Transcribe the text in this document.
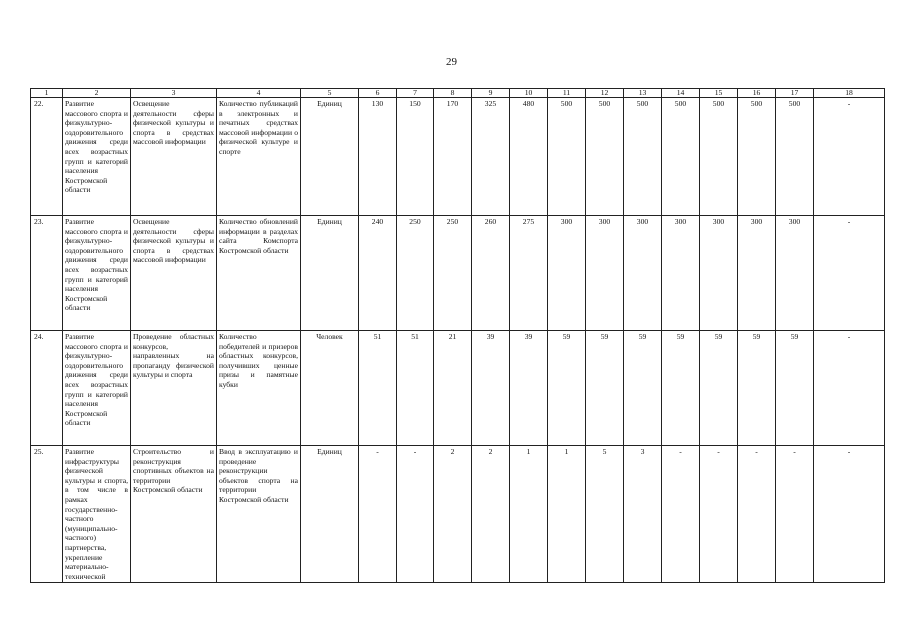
29
1	2	3	4	5	6	7	8	9	10	11	12	13	14	15	16	17	18
22.	Развитие массового спорта и физкультурно-оздоровительного движения среди всех возрастных групп и категорий населения Костромской области	Освещение деятельности сферы физической культуры и спорта в средствах массовой информации	Количество публикаций в электронных и печатных средствах массовой информации о физической культуре и спорте	Единиц	130	150	170	325	480	500	500	500	500	500	500	500	-
23.	Развитие массового спорта и физкультурно-оздоровительного движения среди всех возрастных групп и категорий населения Костромской области	Освещение деятельности сферы физической культуры и спорта в средствах массовой информации	Количество обновлений информации в разделах сайта Комспорта Костромской области	Единиц	240	250	250	260	275	300	300	300	300	300	300	300	-
24.	Развитие массового спорта и физкультурно-оздоровительного движения среди всех возрастных групп и категорий населения Костромской области	Проведение областных конкурсов, направленных на пропаганду физической культуры и спорта	Количество победителей и призеров областных конкурсов, получивших ценные призы и памятные кубки	Человек	51	51	21	39	39	59	59	59	59	59	59	59	-
25.	Развитие инфраструктуры физической культуры и спорта, в том числе в рамках государственно-частного (муниципально-частного) партнерства, укрепление материально-технической	Строительство и реконструкция спортивных объектов на территории Костромской области	Ввод в эксплуатацию и проведение реконструкции объектов спорта на территории Костромской области	Единиц	-	-	2	2	1	1	5	3	-	-	-	-	-
